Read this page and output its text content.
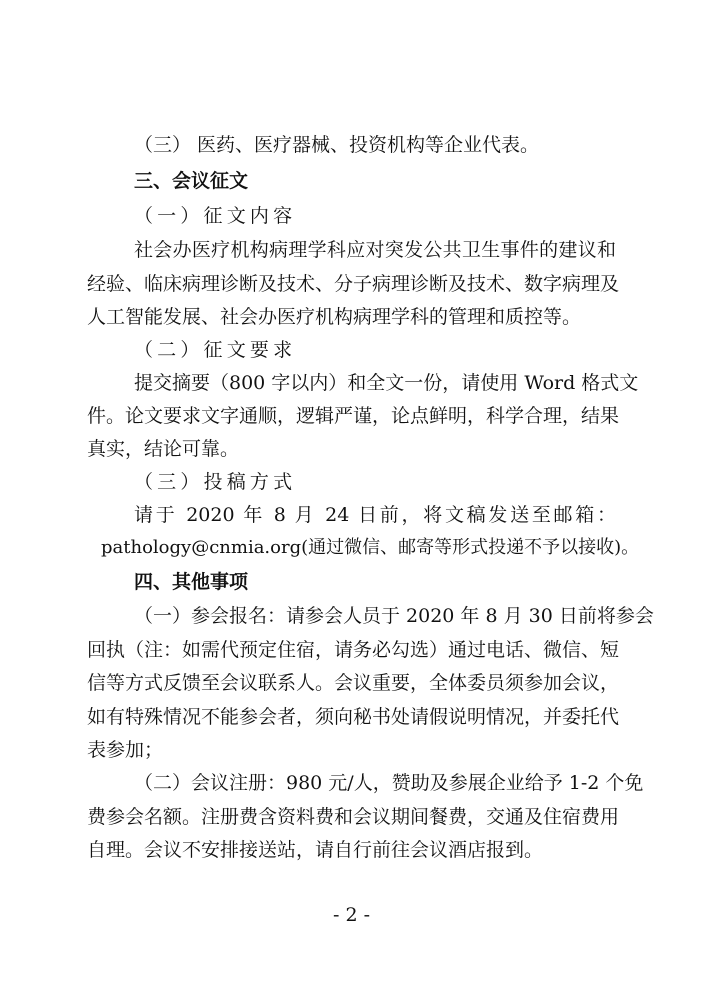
（三） 医药、医疗器械、投资机构等企业代表。

三、会议征文

（一）征文内容

社会办医疗机构病理学科应对突发公共卫生事件的建议和

经验、临床病理诊断及技术、分子病理诊断及技术、数字病理及

人工智能发展、社会办医疗机构病理学科的管理和质控等。

（二）征文要求

提交摘要（800 字以内）和全文一份，请使用 Word 格式文

件。论文要求文字通顺，逻辑严谨，论点鲜明，科学合理，结果

真实，结论可靠。

（三）投稿方式

请于 2020 年 8 月 24 日前，将文稿发送至邮箱：

pathology@cnmia.org(通过微信、邮寄等形式投递不予以接收)。

四、其他事项

（一）参会报名：请参会人员于 2020 年 8 月 30 日前将参会

回执（注：如需代预定住宿，请务必勾选）通过电话、微信、短

信等方式反馈至会议联系人。会议重要，全体委员须参加会议，

如有特殊情况不能参会者，须向秘书处请假说明情况，并委托代

表参加；

（二）会议注册：980 元/人，赞助及参展企业给予 1-2 个免

费参会名额。注册费含资料费和会议期间餐费，交通及住宿费用

自理。会议不安排接送站，请自行前往会议酒店报到。

- 2 -
